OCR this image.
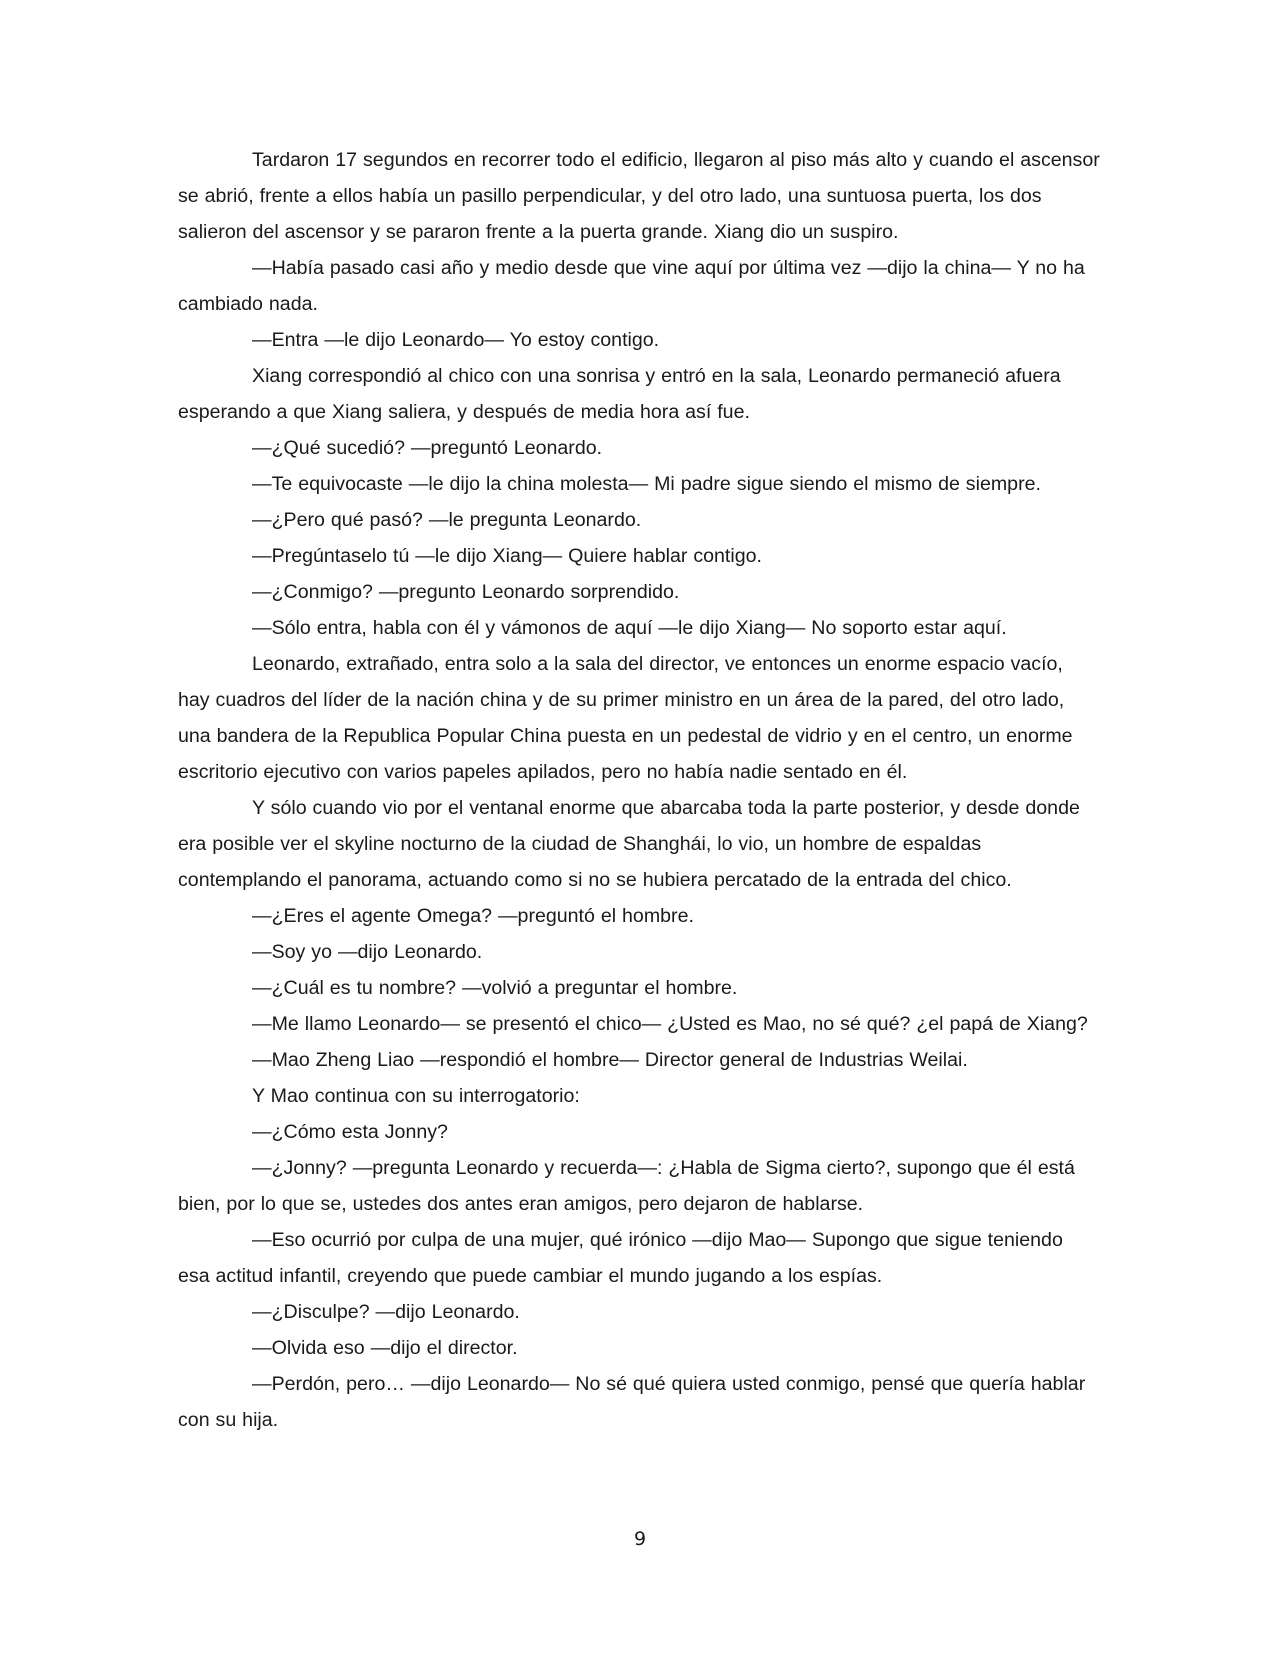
Tardaron 17 segundos en recorrer todo el edificio, llegaron al piso más alto y cuando el ascensor se abrió, frente a ellos había un pasillo perpendicular, y del otro lado, una suntuosa puerta, los dos salieron del ascensor y se pararon frente a la puerta grande. Xiang dio un suspiro.

—Había pasado casi año y medio desde que vine aquí por última vez —dijo la china— Y no ha cambiado nada.

—Entra —le dijo Leonardo— Yo estoy contigo.

Xiang correspondió al chico con una sonrisa y entró en la sala, Leonardo permaneció afuera esperando a que Xiang saliera, y después de media hora así fue.

—¿Qué sucedió? —preguntó Leonardo.

—Te equivocaste —le dijo la china molesta— Mi padre sigue siendo el mismo de siempre.

—¿Pero qué pasó? —le pregunta Leonardo.

—Pregúntaselo tú —le dijo Xiang— Quiere hablar contigo.

—¿Conmigo? —pregunto Leonardo sorprendido.

—Sólo entra, habla con él y vámonos de aquí —le dijo Xiang— No soporto estar aquí.

Leonardo, extrañado, entra solo a la sala del director, ve entonces un enorme espacio vacío, hay cuadros del líder de la nación china y de su primer ministro en un área de la pared, del otro lado, una bandera de la Republica Popular China puesta en un pedestal de vidrio y en el centro, un enorme escritorio ejecutivo con varios papeles apilados, pero no había nadie sentado en él.

Y sólo cuando vio por el ventanal enorme que abarcaba toda la parte posterior, y desde donde era posible ver el skyline nocturno de la ciudad de Shanghái, lo vio, un hombre de espaldas contemplando el panorama, actuando como si no se hubiera percatado de la entrada del chico.

—¿Eres el agente Omega? —preguntó el hombre.

—Soy yo —dijo Leonardo.

—¿Cuál es tu nombre? —volvió a preguntar el hombre.

—Me llamo Leonardo— se presentó el chico— ¿Usted es Mao, no sé qué? ¿el papá de Xiang?

—Mao Zheng Liao —respondió el hombre— Director general de Industrias Weilai.

Y Mao continua con su interrogatorio:

—¿Cómo esta Jonny?

—¿Jonny? —pregunta Leonardo y recuerda—: ¿Habla de Sigma cierto?, supongo que él está bien, por lo que se, ustedes dos antes eran amigos, pero dejaron de hablarse.

—Eso ocurrió por culpa de una mujer, qué irónico —dijo Mao— Supongo que sigue teniendo esa actitud infantil, creyendo que puede cambiar el mundo jugando a los espías.

—¿Disculpe? —dijo Leonardo.

—Olvida eso —dijo el director.

—Perdón, pero… —dijo Leonardo— No sé qué quiera usted conmigo, pensé que quería hablar con su hija.

9
